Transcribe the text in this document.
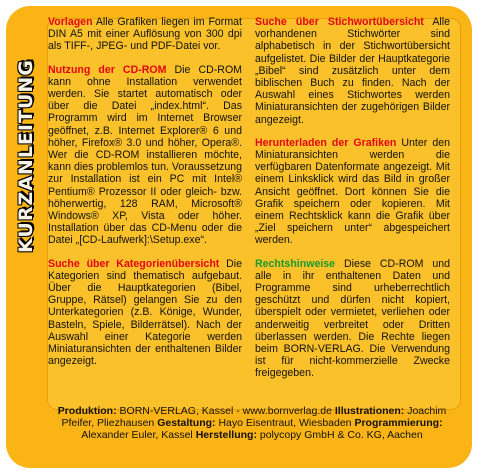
KURZANLEITUNG

Vorlagen Alle Grafiken liegen im Format DIN A5 mit einer Auflösung von 300 dpi als TIFF-, JPEG- und PDF-Datei vor.

Nutzung der CD-ROM Die CD-ROM kann ohne Installation verwendet werden. Sie startet automatisch oder über die Datei „index.html“. Das Programm wird im Internet Browser geöffnet, z.B. Internet Explorer® 6 und höher, Firefox® 3.0 und höher, Opera®. Wer die CD-ROM installieren möchte, kann dies problemlos tun. Voraussetzung zur Installation ist ein PC mit Intel® Pentium® Prozessor II oder gleich- bzw. höherwertig, 128 RAM, Microsoft® Windows® XP, Vista oder höher. Installation über das CD-Menu oder die Datei „[CD-Laufwerk]:\Setup.exe“.

Suche über Kategorienübersicht Die Kategorien sind thematisch aufgebaut. Über die Hauptkategorien (Bibel, Gruppe, Rätsel) gelangen Sie zu den Unterkategorien (z.B. Könige, Wunder, Basteln, Spiele, Bilderrätsel). Nach der Auswahl einer Kategorie werden Miniaturansichten der enthaltenen Bilder angezeigt.

Suche über Stichwortübersicht Alle vorhandenen Stichwörter sind alphabetisch in der Stichwortübersicht aufgelistet. Die Bilder der Hauptkategorie „Bibel“ sind zusätzlich unter dem biblischen Buch zu finden. Nach der Auswahl eines Stichwortes werden Miniaturansichten der zugehörigen Bilder angezeigt.

Herunterladen der Grafiken Unter den Miniaturansichten werden die verfügbaren Datenformate angezeigt. Mit einem Linksklick wird das Bild in großer Ansicht geöffnet. Dort können Sie die Grafik speichern oder kopieren. Mit einem Rechtsklick kann die Grafik über „Ziel speichern unter“ abgespeichert werden.

Rechtshinweise Diese CD-ROM und alle in ihr enthaltenen Daten und Programme sind urheberrechtlich geschützt und dürfen nicht kopiert, überspielt oder vermietet, verliehen oder anderweitig verbreitet oder Dritten überlassen werden. Die Rechte liegen beim BORN-VERLAG. Die Verwendung ist für nicht-kommerzielle Zwecke freigegeben.

Produktion: BORN-VERLAG, Kassel - www.bornverlag.de Illustrationen: Joachim Pfeifer, Pliezhausen Gestaltung: Hayo Eisentraut, Wiesbaden Programmierung: Alexander Euler, Kassel Herstellung: polycopy GmbH & Co. KG, Aachen
